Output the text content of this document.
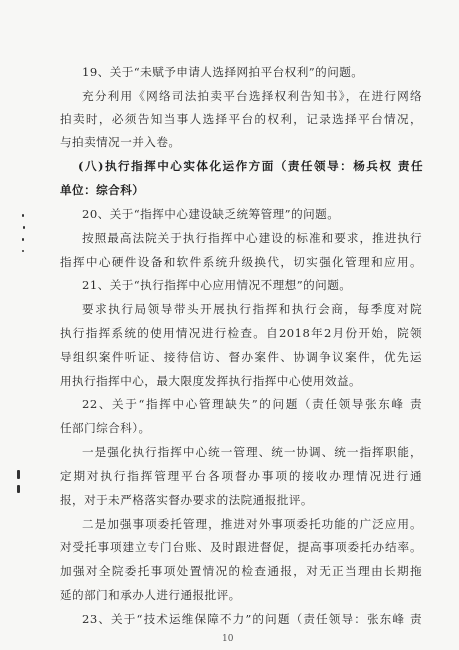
19、关于“未赋予申请人选择网拍平台权利”的问题。
充分利用《网络司法拍卖平台选择权利告知书》，在进行网络
拍卖时，必须告知当事人选择平台的权利，记录选择平台情况，
与拍卖情况一并入卷。
(八)执行指挥中心实体化运作方面（责任领导：杨兵权 责任
单位：综合科）
20、关于“指挥中心建设缺乏统筹管理”的问题。
按照最高法院关于执行指挥中心建设的标准和要求，推进执行
指挥中心硬件设备和软件系统升级换代，切实强化管理和应用。
21、关于“执行指挥中心应用情况不理想”的问题。
要求执行局领导带头开展执行指挥和执行会商，每季度对院
执行指挥系统的使用情况进行检查。自2018年2月份开始，院领
导组织案件听证、接待信访、督办案件、协调争议案件，优先运
用执行指挥中心，最大限度发挥执行指挥中心使用效益。
22、关于“指挥中心管理缺失”的问题（责任领导张东峰 责
任部门综合科）。
一是强化执行指挥中心统一管理、统一协调、统一指挥职能，
定期对执行指挥管理平台各项督办事项的接收办理情况进行通
报，对于未严格落实督办要求的法院通报批评。
二是加强事项委托管理，推进对外事项委托功能的广泛应用。
对受托事项建立专门台账、及时跟进督促，提高事项委托办结率。
加强对全院委托事项处置情况的检查通报，对无正当理由长期拖
延的部门和承办人进行通报批评。
10
23、关于“技术运维保障不力”的问题（责任领导：张东峰 责
